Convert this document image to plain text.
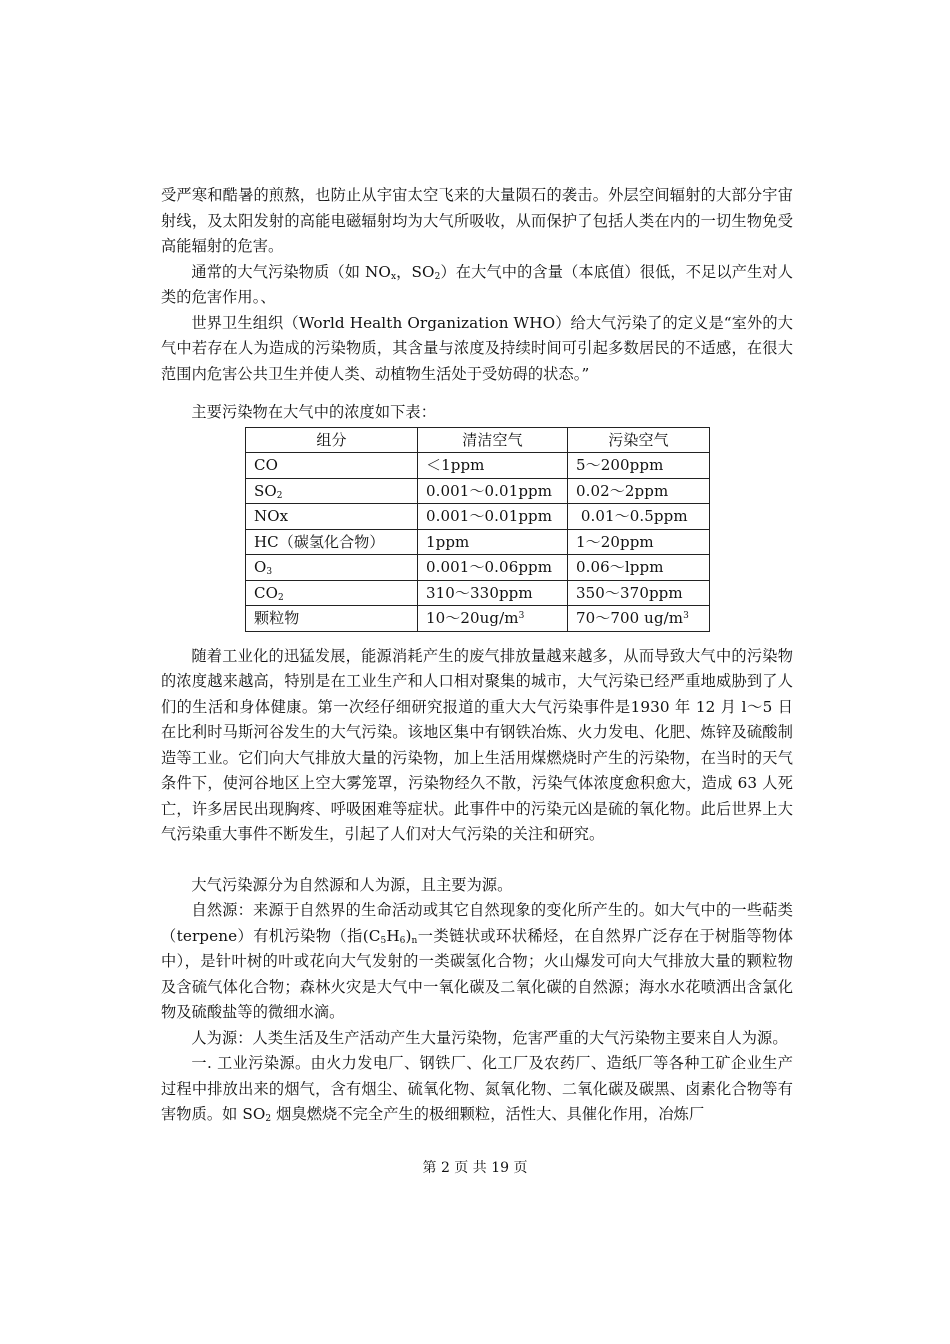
受严寒和酷暑的煎熬，也防止从宇宙太空飞来的大量陨石的袭击。外层空间辐射的大部分宇宙射线，及太阳发射的高能电磁辐射均为大气所吸收，从而保护了包括人类在内的一切生物免受高能辐射的危害。

通常的大气污染物质（如 $NO_x$，$SO_2$）在大气中的含量（本底值）很低，不足以产生对人类的危害作用。、

世界卫生组织（World Health Organization WHO）给大气污染了的定义是“室外的大气中若存在人为造成的污染物质，其含量与浓度及持续时间可引起多数居民的不适感，在很大范围内危害公共卫生并使人类、动植物生活处于受妨碍的状态。”

主要污染物在大气中的浓度如下表：

组分	清洁空气	污染空气
CO	＜1ppm	5～200ppm
$SO_2$	0.001～0.01ppm	0.02～2ppm
NOx	0.001～0.01ppm	0.01～0.5ppm
HC（碳氢化合物）	1ppm	1～20ppm
$O_3$	0.001～0.06ppm	0.06～lppm
$CO_2$	310～330ppm	350～370ppm
颗粒物	$10\sim 20ug/m^3$	70～700 $ug/m^3$

随着工业化的迅猛发展，能源消耗产生的废气排放量越来越多，从而导致大气中的污染物的浓度越来越高，特别是在工业生产和人口相对聚集的城市，大气污染已经严重地威胁到了人们的生活和身体健康。第一次经仔细研究报道的重大大气污染事件是1930 年 12 月 l～5 日在比利时马斯河谷发生的大气污染。该地区集中有钢铁冶炼、火力发电、化肥、炼锌及硫酸制造等工业。它们向大气排放大量的污染物，加上生活用煤燃烧时产生的污染物，在当时的天气条件下，使河谷地区上空大雾笼罩，污染物经久不散，污染气体浓度愈积愈大，造成 63 人死亡，许多居民出现胸疼、呼吸困难等症状。此事件中的污染元凶是硫的氧化物。此后世界上大气污染重大事件不断发生，引起了人们对大气污染的关注和研究。

大气污染源分为自然源和人为源，且主要为源。

自然源：来源于自然界的生命活动或其它自然现象的变化所产生的。如大气中的一些萜类（terpene）有机污染物（指$(C_5H_6)_n$一类链状或环状稀烃，在自然界广泛存在于树脂等物体中），是针叶树的叶或花向大气发射的一类碳氢化合物；火山爆发可向大气排放大量的颗粒物及含硫气体化合物；森林火灾是大气中一氧化碳及二氧化碳的自然源；海水水花喷洒出含氯化物及硫酸盐等的微细水滴。

人为源：人类生活及生产活动产生大量污染物，危害严重的大气污染物主要来自人为源。

一. 工业污染源。由火力发电厂、钢铁厂、化工厂及农药厂、造纸厂等各种工矿企业生产过程中排放出来的烟气，含有烟尘、硫氧化物、氮氧化物、二氧化碳及碳黑、卤素化合物等有害物质。如 $SO_2$ 烟臭燃烧不完全产生的极细颗粒，活性大、具催化作用，冶炼厂

第 2 页 共 19 页
